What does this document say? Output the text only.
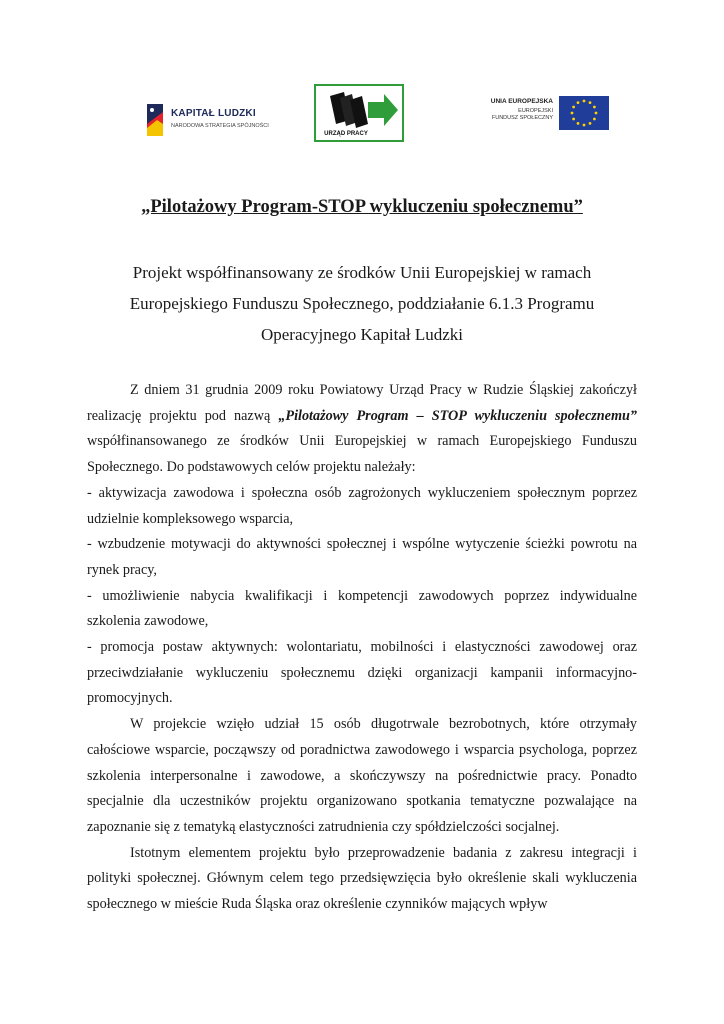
KAPITAŁ LUDZKI
NARODOWA STRATEGIA SPÓJNOŚCI
URZĄD PRACY
UNIA EUROPEJSKA
EUROPEJSKI
FUNDUSZ SPOŁECZNY
„Pilotażowy Program-STOP wykluczeniu społecznemu”
Projekt współfinansowany ze środków Unii Europejskiej w ramach Europejskiego Funduszu Społecznego, poddziałanie 6.1.3 Programu Operacyjnego Kapitał Ludzki

Z dniem 31 grudnia 2009 roku Powiatowy Urząd Pracy w Rudzie Śląskiej zakończył realizację projektu pod nazwą „Pilotażowy Program – STOP wykluczeniu społecznemu” współfinansowanego ze środków Unii Europejskiej w ramach Europejskiego Funduszu Społecznego. Do podstawowych celów projektu należały:

- aktywizacja zawodowa i społeczna osób zagrożonych wykluczeniem społecznym poprzez udzielnie kompleksowego wsparcia,

- wzbudzenie motywacji do aktywności społecznej i wspólne wytyczenie ścieżki powrotu na rynek pracy,

- umożliwienie nabycia kwalifikacji i kompetencji zawodowych poprzez indywidualne szkolenia zawodowe,

- promocja postaw aktywnych: wolontariatu, mobilności i elastyczności zawodowej oraz przeciwdziałanie wykluczeniu społecznemu dzięki organizacji kampanii informacyjno-promocyjnych.

W projekcie wzięło udział 15 osób długotrwale bezrobotnych, które otrzymały całościowe wsparcie, począwszy od poradnictwa zawodowego i wsparcia psychologa, poprzez szkolenia interpersonalne i zawodowe, a skończywszy na pośrednictwie pracy. Ponadto specjalnie dla uczestników projektu organizowano spotkania tematyczne pozwalające na zapoznanie się z tematyką elastyczności zatrudnienia czy spółdzielczości socjalnej.

Istotnym elementem projektu było przeprowadzenie badania z zakresu integracji i polityki społecznej. Głównym celem tego przedsięwzięcia było określenie skali wykluczenia społecznego w mieście Ruda Śląska oraz określenie czynników mających wpływ
